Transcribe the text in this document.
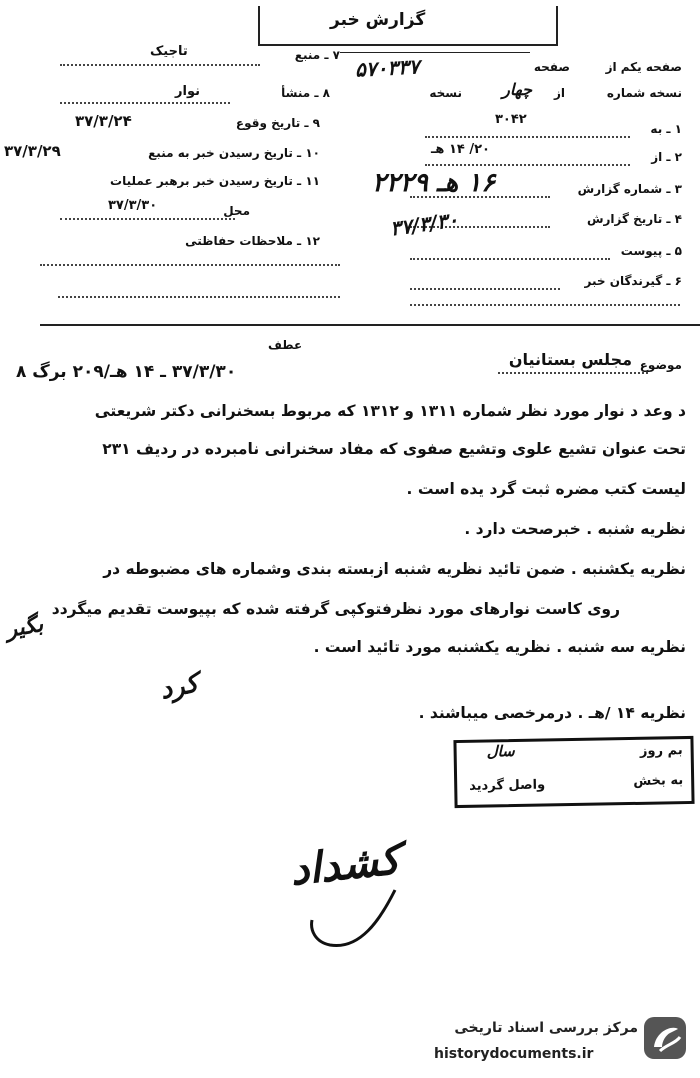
گزارش خبر
۵۷۰۳۳۷	صفحه یکم از
صفحه
نسخه شماره
از
چهار
نسخه
۱ ـ به
۳۰۴۲
۲ ـ از
۲۰/ ۱۴ هـ
۳ ـ شماره گزارش
۴ ـ تاریخ گزارش
۵ ـ پیوست
۶ ـ گیرندگان خبر
۱۶ هـ ۲۲۲۹
۳۷/۳/۳۰
۷ ـ منبع
تاجیک
۸ ـ منشأ
نوار
۹ ـ تاریخ وقوع
۳۷/۳/۲۴
۱۰ ـ تاریخ رسیدن خبر به منبع
۳۷/۳/۲۹
۱۱ ـ تاریخ رسیدن خبر برهبر عملیات
محل
۳۷/۳/۳۰
۱۲ ـ ملاحظات حفاظتی
موضوع
مجلس بستانیان
عطف
۳۷/۳/۳۰ ـ ۱۴ هـ/۲۰۹ برگ ۸
د وعد د نوار مورد نظر شماره ۱۳۱۱ و ۱۳۱۲ که مربوط بسخنرانی دکتر شریعتی
تحت عنوان تشیع علوی وتشیع صفوی که مفاد سخنرانی نامبرده در ردیف ۲۳۱
لیست کتب مضره ثبت گرد یده است .
نظریه شنبه . خبرصحت دارد .
نظریه یکشنبه . ضمن تائید نظریه شنبه ازبسته بندی وشماره های مضبوطه در
روی کاست نوارهای مورد نظرفتوکپی گرفته شده که بپیوست تقدیم میگردد
بگیر
نظریه سه شنبه . نظریه یکشنبه مورد تائید است .
کرد
نظریه ۱۴ /هـ . درمرخصی میباشند .
بم روز
سال
به بخش
واصل گردید
کشداد
مرکز بررسی اسناد تاریخی
historydocuments.ir
